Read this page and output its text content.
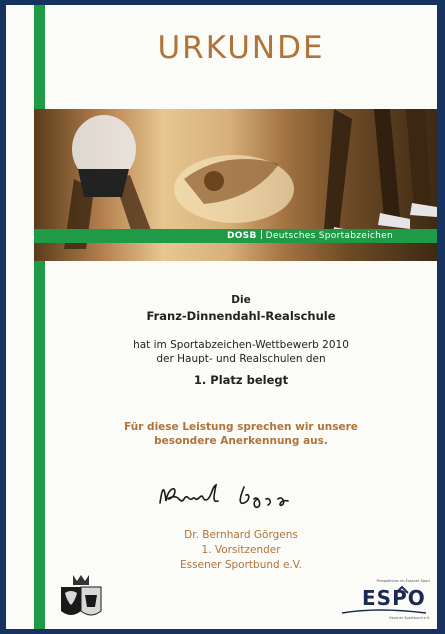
URKUNDE
DOSB Deutsches Sportabzeichen
Die
Franz-Dinnendahl-Realschule
hat im Sportabzeichen-Wettbewerb 2010
der Haupt- und Realschulen den
1. Platz belegt
Für diese Leistung sprechen wir unsere
besondere Anerkennung aus.
Dr. Bernhard Görgens
1. Vorsitzender
Essener Sportbund e.V.
Perspektiven im Essener Sport
ESPO
Essener Sportbund e.V.
